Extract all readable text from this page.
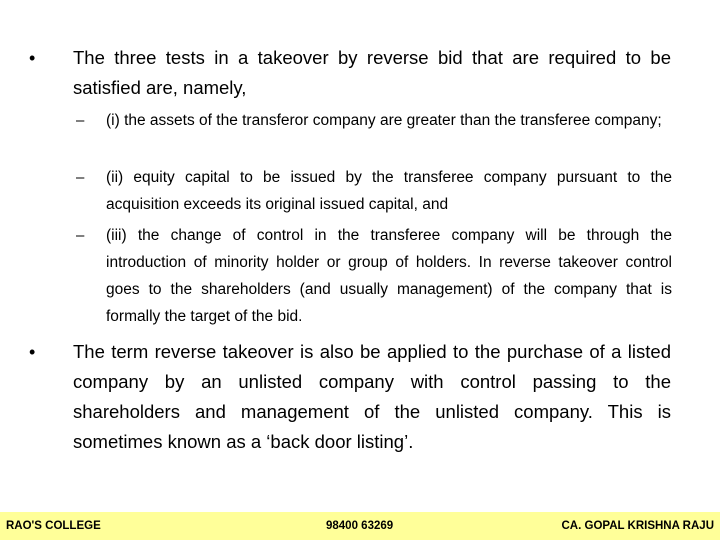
• The three tests in a takeover by reverse bid that are required to be satisfied are, namely,
– (i) the assets of the transferor company are greater than the transferee company;
– (ii) equity capital to be issued by the transferee company pursuant to the acquisition exceeds its original issued capital, and
– (iii) the change of control in the transferee company will be through the introduction of minority holder or group of holders. In reverse takeover control goes to the shareholders (and usually management) of the company that is formally the target of the bid.
• The term reverse takeover is also be applied to the purchase of a listed company by an unlisted company with control passing to the shareholders and management of the unlisted company. This is sometimes known as a ‘back door listing’.
RAO'S COLLEGE	98400 63269	CA. GOPAL KRISHNA RAJU
